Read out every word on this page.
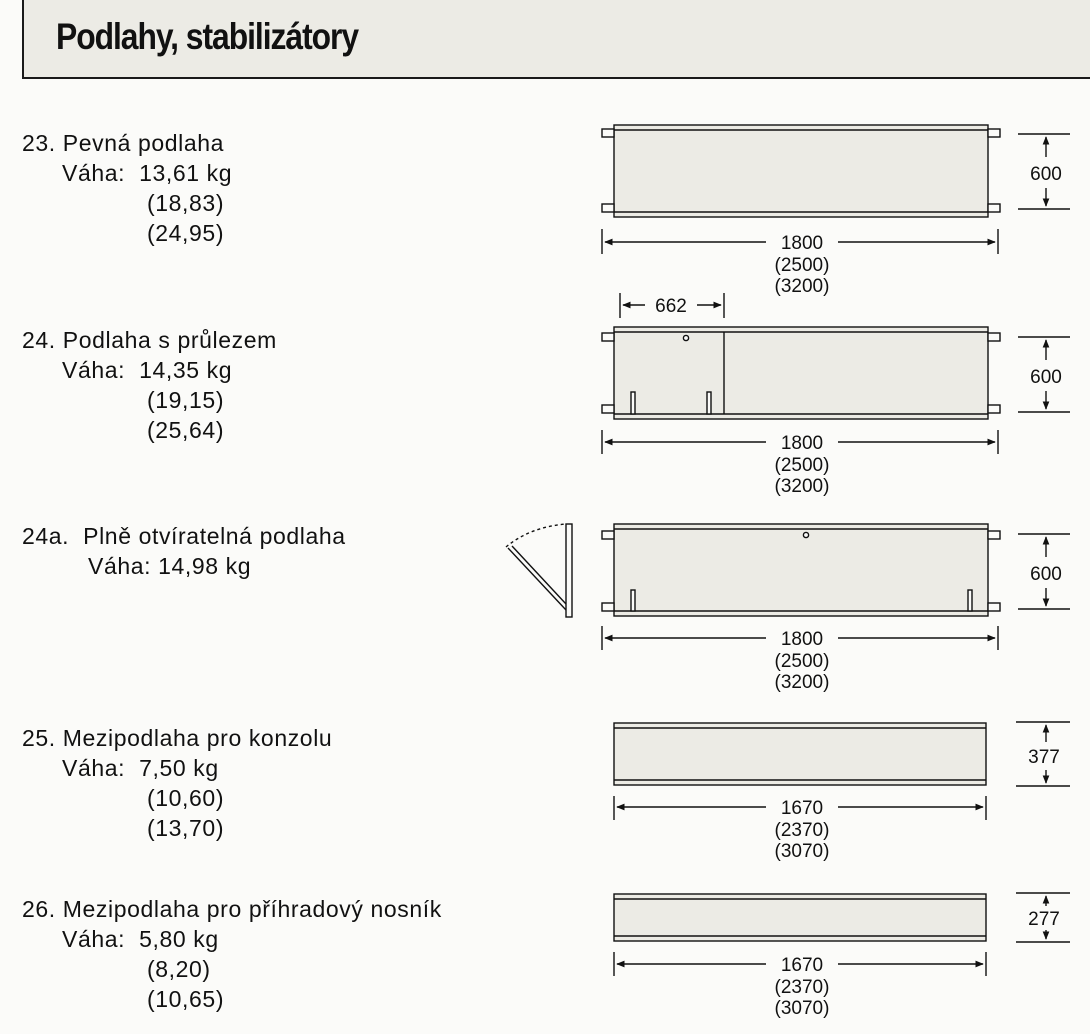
Podlahy, stabilizátory
23. Pevná podlaha
Váha: 13,61 kg
(18,83)
(24,95)
24. Podlaha s průlezem
Váha: 14,35 kg
(19,15)
(25,64)
24a. Plně otvíratelná podlaha
Váha: 14,98 kg
25. Mezipodlaha pro konzolu
Váha: 7,50 kg
(10,60)
(13,70)
26. Mezipodlaha pro příhradový nosník
Váha: 5,80 kg
(8,20)
(10,65)
600
1800
(2500)
(3200)
662
600
1800
(2500)
(3200)
600
1800
(2500)
(3200)
377
1670
(2370)
(3070)
277
1670
(2370)
(3070)
